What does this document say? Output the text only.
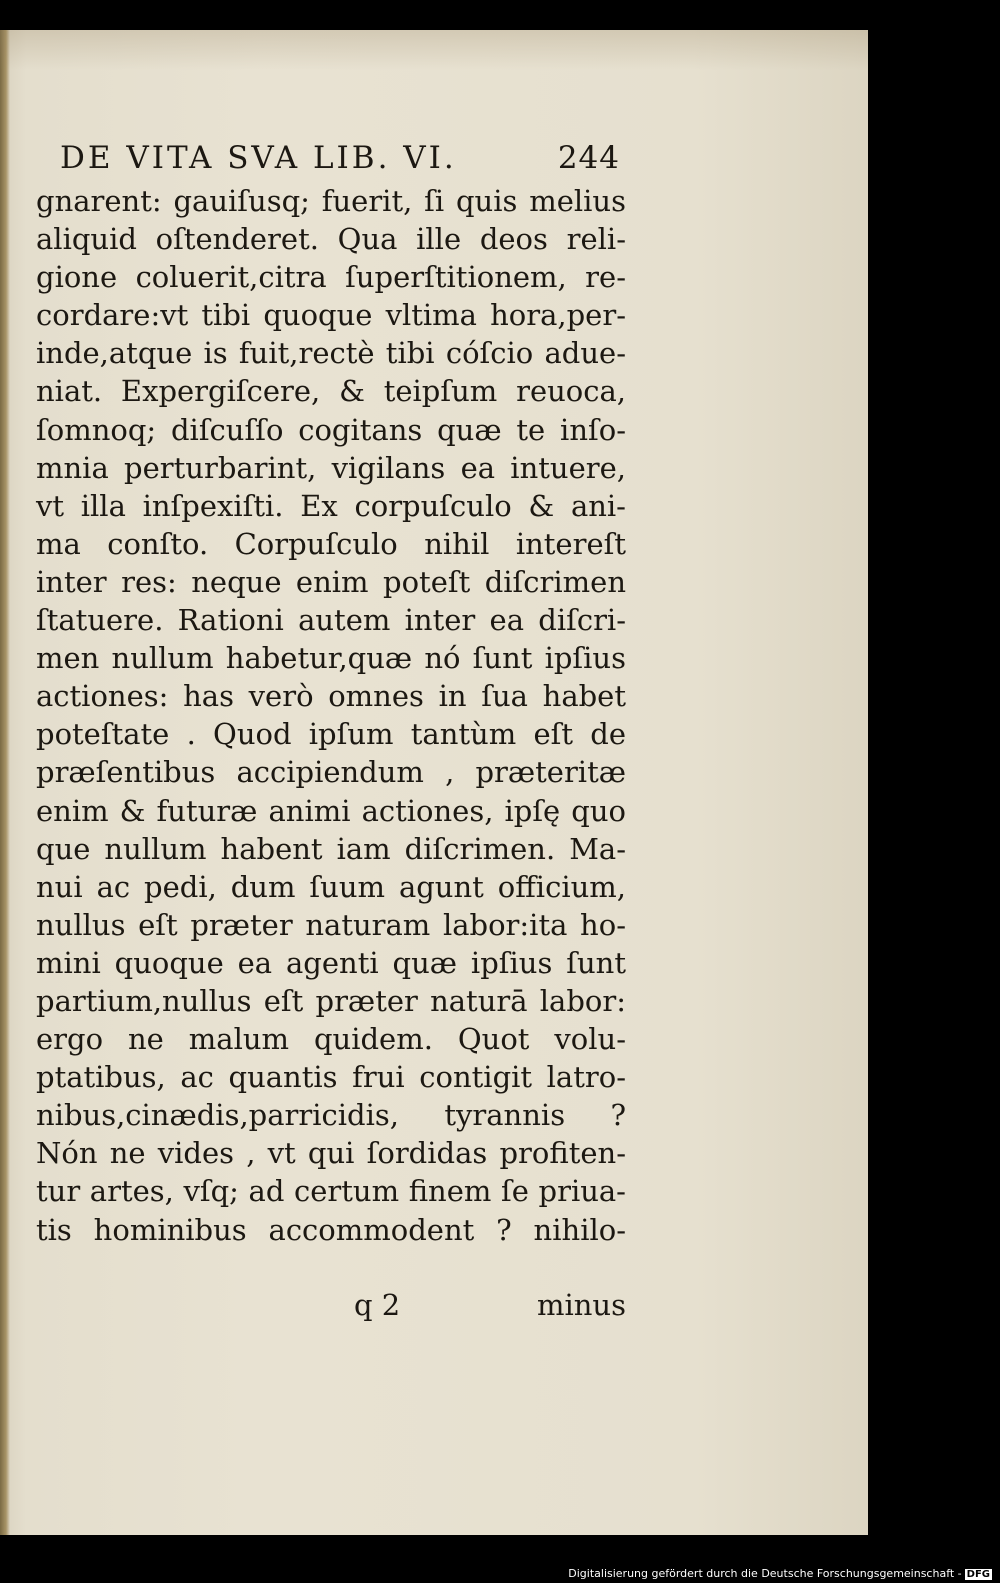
DE VITA SVA LIB. VI.	244
gnarent: gauiſusq; fuerit, ſi quis melius
aliquid oſtenderet. Qua ille deos reli-
gione coluerit,citra ſuperſtitionem, re-
cordare:vt tibi quoque vltima hora,per-
inde,atque is fuit,rectè tibi cóſcio adue-
niat. Expergiſcere, & teipſum reuoca,
ſomnoq; diſcuſſo cogitans quæ te inſo-
mnia perturbarint, vigilans ea intuere,
vt illa inſpexiſti. Ex corpuſculo & ani-
ma conſto. Corpuſculo nihil intereſt
inter res: neque enim poteſt diſcrimen
ſtatuere. Rationi autem inter ea diſcri-
men nullum habetur,quæ nó ſunt ipſius
actiones: has verò omnes in ſua habet
poteſtate . Quod ipſum tantùm eſt de
præſentibus accipiendum , præteritæ
enim & futuræ animi actiones, ipſę quo
que nullum habent iam diſcrimen. Ma-
nui ac pedi, dum ſuum agunt officium,
nullus eſt præter naturam labor:ita ho-
mini quoque ea agenti quæ ipſius ſunt
partium,nullus eſt præter naturā labor:
ergo ne malum quidem. Quot volu-
ptatibus, ac quantis frui contigit latro-
nibus,cinædis,parricidis, tyrannis ?
Nón ne vides , vt qui ſordidas profiten-
tur artes, vſq; ad certum finem ſe priua-
tis hominibus accommodent ? nihilo-
q 2	minus
Digitalisierung gefördert durch die Deutsche Forschungsgemeinschaft - DFG
